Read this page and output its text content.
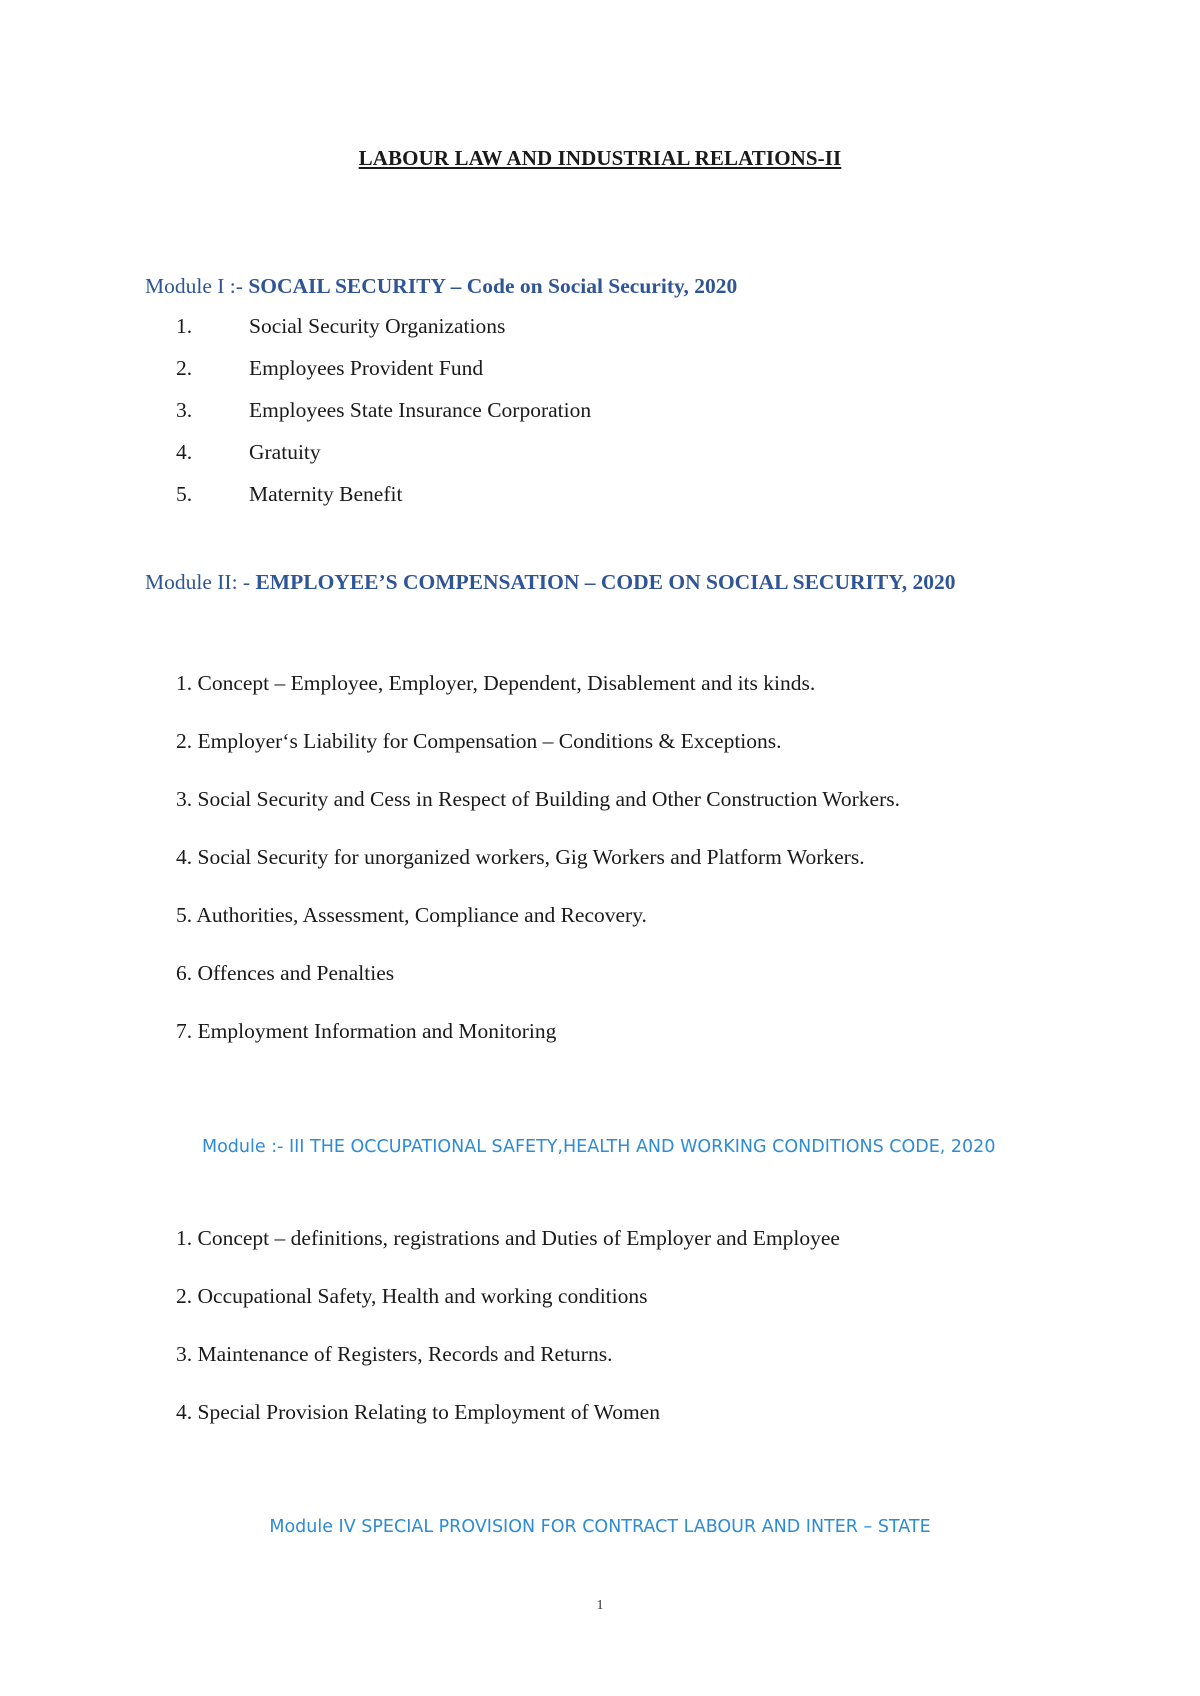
LABOUR LAW AND INDUSTRIAL RELATIONS-II
Module I :- SOCAIL SECURITY – Code on Social Security, 2020
1.	Social Security Organizations
2.	Employees Provident Fund
3.	Employees State Insurance Corporation
4.	Gratuity
5.	Maternity Benefit
Module II: - EMPLOYEE’S COMPENSATION – CODE ON SOCIAL SECURITY, 2020
1. Concept – Employee, Employer, Dependent, Disablement and its kinds.
2. Employer‘s Liability for Compensation – Conditions & Exceptions.
3. Social Security and Cess in Respect of Building and Other Construction Workers.
4. Social Security for unorganized workers, Gig Workers and Platform Workers.
5. Authorities, Assessment, Compliance and Recovery.
6. Offences and Penalties
7. Employment Information and Monitoring
Module :- III THE OCCUPATIONAL SAFETY,HEALTH AND WORKING CONDITIONS CODE, 2020
1. Concept – definitions, registrations and Duties of Employer and Employee
2. Occupational Safety, Health and working conditions
3. Maintenance of Registers, Records and Returns.
4. Special Provision Relating to Employment of Women
Module IV SPECIAL PROVISION FOR CONTRACT LABOUR AND INTER – STATE
1
